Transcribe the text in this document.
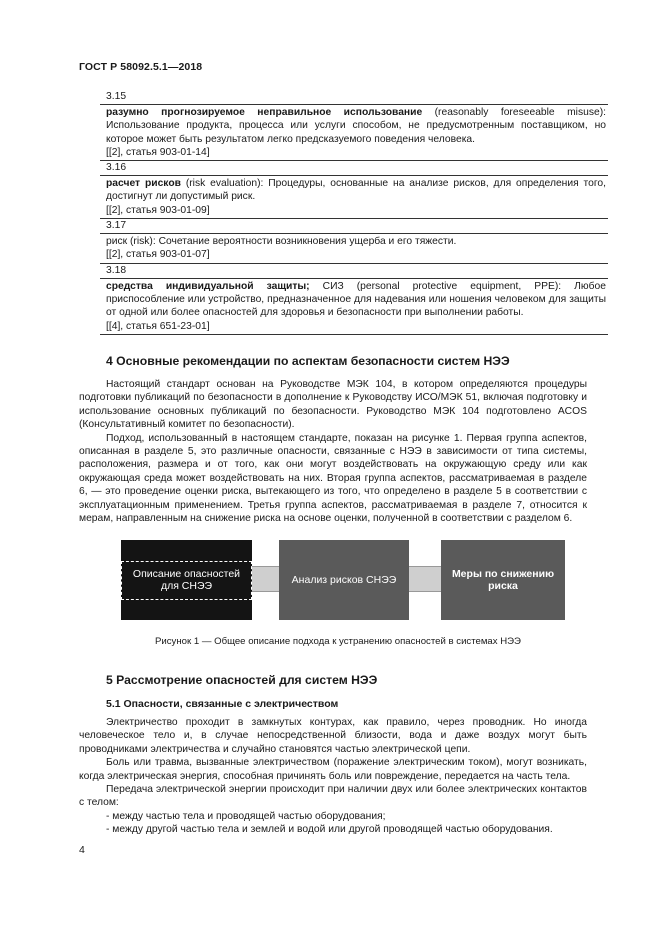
ГОСТ Р 58092.5.1—2018
3.15
разумно прогнозируемое неправильное использование (reasonably foreseeable misuse): Использование продукта, процесса или услуги способом, не предусмотренным поставщиком, но которое может быть результатом легко предсказуемого поведения человека.
[[2], статья 903-01-14]
3.16
расчет рисков (risk evaluation): Процедуры, основанные на анализе рисков, для определения того, достигнут ли допустимый риск.
[[2], статья 903-01-09]
3.17
риск (risk): Сочетание вероятности возникновения ущерба и его тяжести.
[[2], статья 903-01-07]
3.18
средства индивидуальной защиты; СИЗ (personal protective equipment, PPE): Любое приспособление или устройство, предназначенное для надевания или ношения человеком для защиты от одной или более опасностей для здоровья и безопасности при выполнении работы.
[[4], статья 651-23-01]
4 Основные рекомендации по аспектам безопасности систем НЭЭ

Настоящий стандарт основан на Руководстве МЭК 104, в котором определяются процедуры подготовки публикаций по безопасности в дополнение к Руководству ИСО/МЭК 51, включая подготовку и использование основных публикаций по безопасности. Руководство МЭК 104 подготовлено ACOS (Консультативный комитет по безопасности).

Подход, использованный в настоящем стандарте, показан на рисунке 1. Первая группа аспектов, описанная в разделе 5, это различные опасности, связанные с НЭЭ в зависимости от типа системы, расположения, размера и от того, как они могут воздействовать на окружающую среду или как окружающая среда может воздействовать на них. Вторая группа аспектов, рассматриваемая в разделе 6, — это проведение оценки риска, вытекающего из того, что определено в разделе 5 в соответствии с эксплуатационным применением. Третья группа аспектов, рассматриваемая в разделе 7, относится к мерам, направленным на снижение риска на основе оценки, полученной в соответствии с разделом 6.

Описание опасностей для СНЭЭ
Анализ рисков СНЭЭ
Меры по снижению риска
Рисунок 1 — Общее описание подхода к устранению опасностей в системах НЭЭ
5 Рассмотрение опасностей для систем НЭЭ
5.1 Опасности, связанные с электричеством

Электричество проходит в замкнутых контурах, как правило, через проводник. Но иногда человеческое тело и, в случае непосредственной близости, вода и даже воздух могут быть проводниками электричества и случайно становятся частью электрической цепи.

Боль или травма, вызванные электричеством (поражение электрическим током), могут возникать, когда электрическая энергия, способная причинять боль или повреждение, передается на часть тела.

Передача электрической энергии происходит при наличии двух или более электрических контактов с телом:

- между частью тела и проводящей частью оборудования;

- между другой частью тела и землей и водой или другой проводящей частью оборудования.

4
